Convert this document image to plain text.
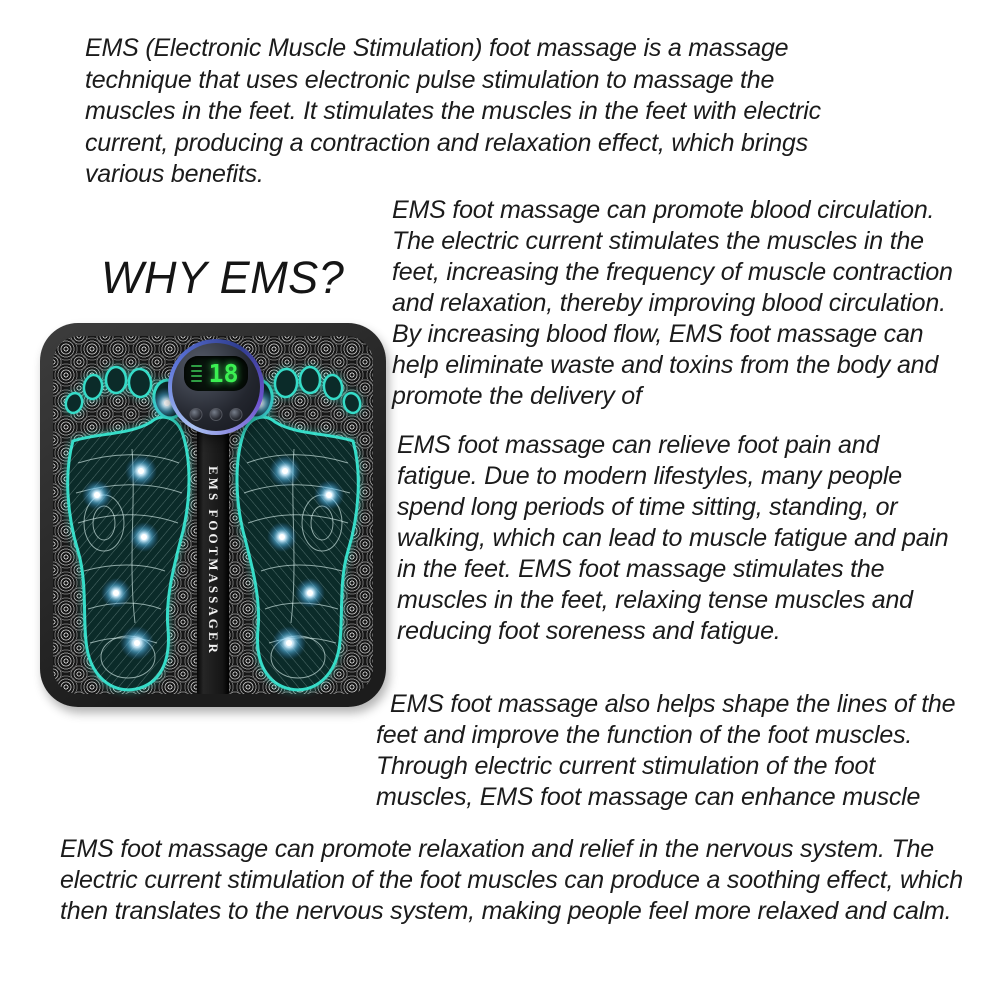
EMS (Electronic Muscle Stimulation) foot massage is a massage technique that uses electronic pulse stimulation to massage the muscles in the feet. It stimulates the muscles in the feet with electric current, producing a contraction and relaxation effect, which brings various benefits.

WHY EMS?
EMS FOOTMASSAGER
18

EMS foot massage can promote blood circulation. The electric current stimulates the muscles in the feet, increasing the frequency of muscle contraction and relaxation, thereby improving blood circulation. By increasing blood flow, EMS foot massage can help eliminate waste and toxins from the body and promote the delivery of

EMS foot massage can relieve foot pain and fatigue. Due to modern lifestyles, many people spend long periods of time sitting, standing, or walking, which can lead to muscle fatigue and pain in the feet. EMS foot massage stimulates the muscles in the feet, relaxing tense muscles and reducing foot soreness and fatigue.

EMS foot massage also helps shape the lines of the feet and improve the function of the foot muscles. Through electric current stimulation of the foot muscles, EMS foot massage can enhance muscle

EMS foot massage can promote relaxation and relief in the nervous system. The electric current stimulation of the foot muscles can produce a soothing effect, which then translates to the nervous system, making people feel more relaxed and calm.
